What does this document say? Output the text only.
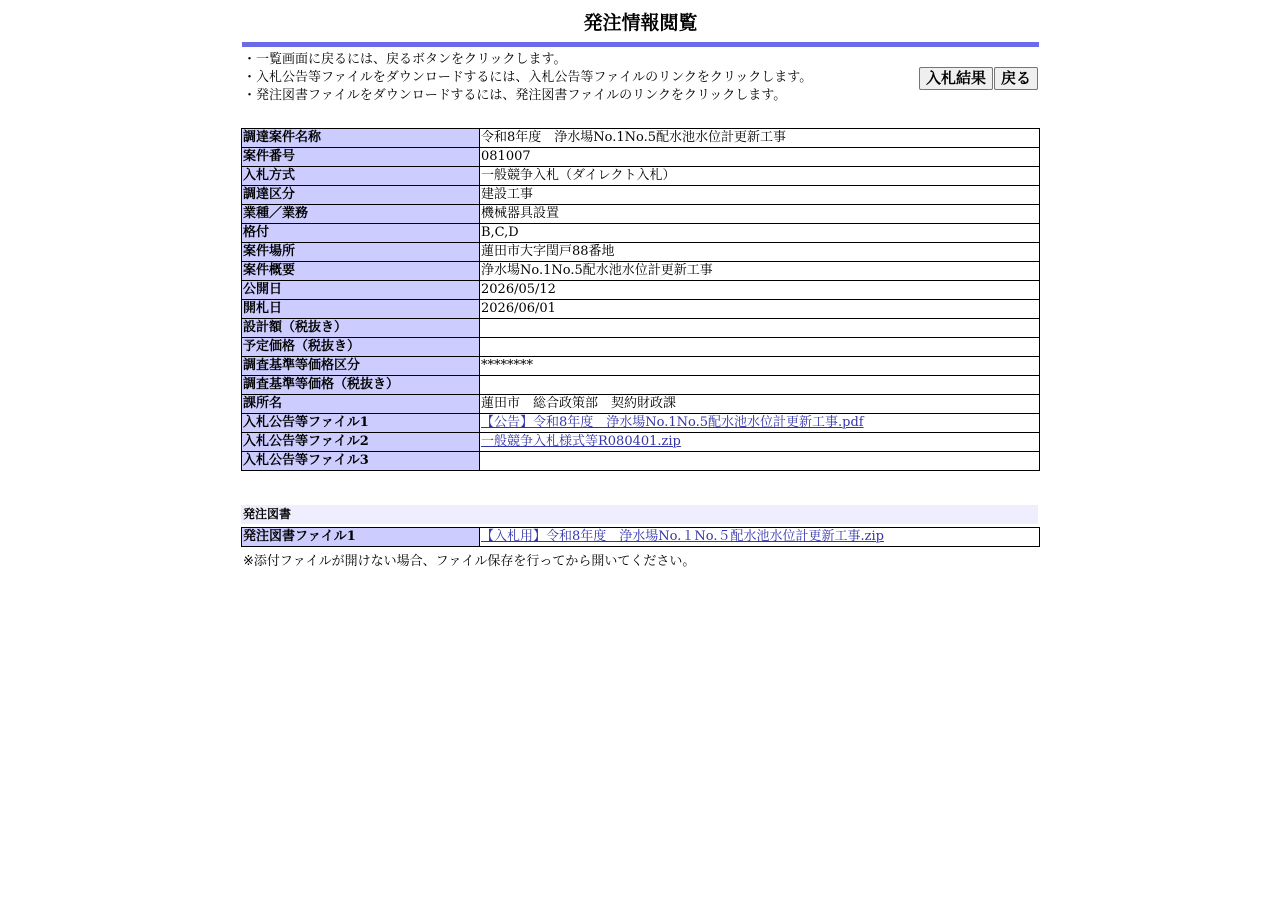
発注情報閲覧
・一覧画面に戻るには、戻るボタンをクリックします。
・入札公告等ファイルをダウンロードするには、入札公告等ファイルのリンクをクリックします。
・発注図書ファイルをダウンロードするには、発注図書ファイルのリンクをクリックします。
入札結果 戻る
調達案件名称	令和8年度　浄水場No.1No.5配水池水位計更新工事
案件番号	081007
入札方式	一般競争入札（ダイレクト入札）
調達区分	建設工事
業種／業務	機械器具設置
格付	B,C,D
案件場所	蓮田市大字閏戸88番地
案件概要	浄水場No.1No.5配水池水位計更新工事
公開日	2026/05/12
開札日	2026/06/01
設計額（税抜き）	
予定価格（税抜き）	
調査基準等価格区分	********
調査基準等価格（税抜き）	
課所名	蓮田市　総合政策部　契約財政課
入札公告等ファイル1	【公告】令和8年度　浄水場No.1No.5配水池水位計更新工事.pdf
入札公告等ファイル2	一般競争入札様式等R080401.zip
入札公告等ファイル3	
発注図書
発注図書ファイル1	【入札用】令和8年度　浄水場No.１No.５配水池水位計更新工事.zip
※添付ファイルが開けない場合、ファイル保存を行ってから開いてください。
